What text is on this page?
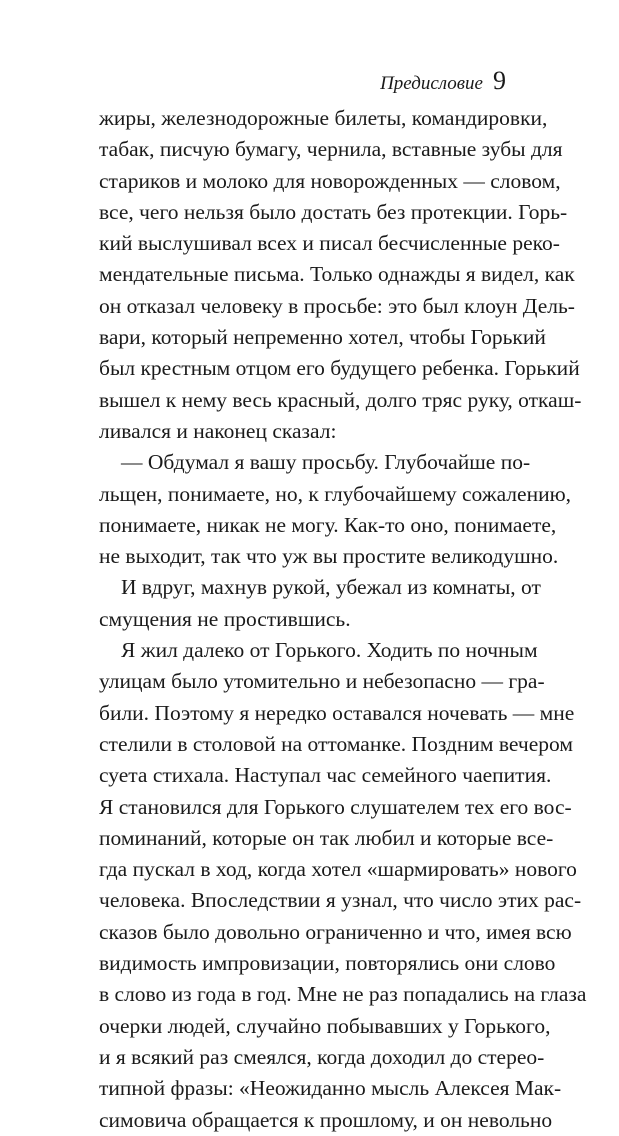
Предисловие 9
жиры, железнодорожные билеты, командировки,
табак, писчую бумагу, чернила, вставные зубы для
стариков и молоко для новорожденных — словом,
все, чего нельзя было достать без протекции. Горь-
кий выслушивал всех и писал бесчисленные реко-
мендательные письма. Только однажды я видел, как
он отказал человеку в просьбе: это был клоун Дель-
вари, который непременно хотел, чтобы Горький
был крестным отцом его будущего ребенка. Горький
вышел к нему весь красный, долго тряс руку, откаш-
ливался и наконец сказал:
— Обдумал я вашу просьбу. Глубочайше по-
льщен, понимаете, но, к глубочайшему сожалению,
понимаете, никак не могу. Как-то оно, понимаете,
не выходит, так что уж вы простите великодушно.
И вдруг, махнув рукой, убежал из комнаты, от
смущения не простившись.
Я жил далеко от Горького. Ходить по ночным
улицам было утомительно и небезопасно — гра-
били. Поэтому я нередко оставался ночевать — мне
стелили в столовой на оттоманке. Поздним вечером
суета стихала. Наступал час семейного чаепития.
Я становился для Горького слушателем тех его вос-
поминаний, которые он так любил и которые все-
гда пускал в ход, когда хотел «шармировать» нового
человека. Впоследствии я узнал, что число этих рас-
сказов было довольно ограниченно и что, имея всю
видимость импровизации, повторялись они слово
в слово из года в год. Мне не раз попадались на глаза
очерки людей, случайно побывавших у Горького,
и я всякий раз смеялся, когда доходил до стерео-
типной фразы: «Неожиданно мысль Алексея Мак-
симовича обращается к прошлому, и он невольно
